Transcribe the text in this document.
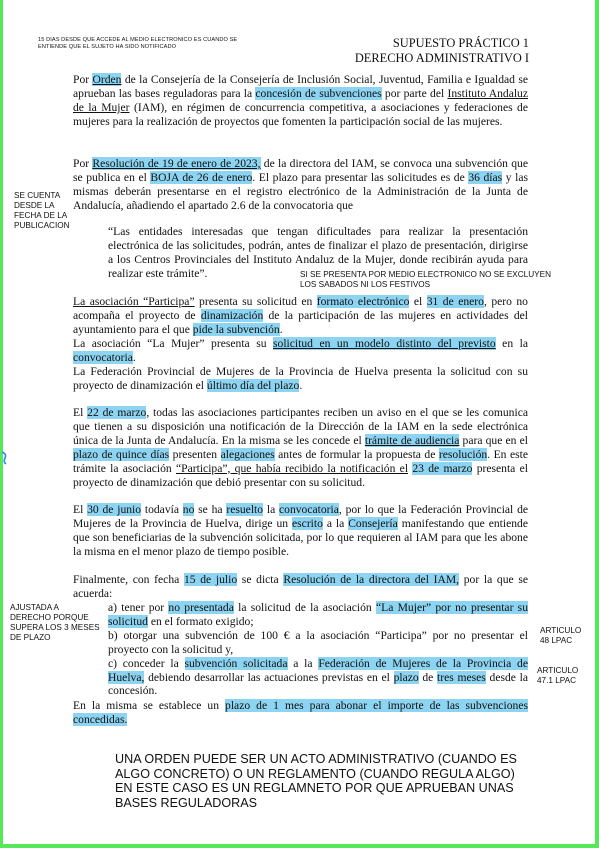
15 DIAS DESDE QUE ACCEDE AL MEDIO ELECTRONICO ES CUANDO SE
ENTIENDE QUE EL SUJETO HA SIDO NOTIFICADO	SUPUESTO PRÁCTICO 1
DERECHO ADMINISTRATIVO I

Por Orden de la Consejería de la Consejería de Inclusión Social, Juventud, Familia e Igualdad se aprueban las bases reguladoras para la concesión de subvenciones por parte del Instituto Andaluz de la Mujer (IAM), en régimen de concurrencia competitiva, a asociaciones y federaciones de mujeres para la realización de proyectos que fomenten la participación social de las mujeres.

Por Resolución de 19 de enero de 2023, de la directora del IAM, se convoca una subvención que se publica en el BOJA de 26 de enero. El plazo para presentar las solicitudes es de 36 días y las mismas deberán presentarse en el registro electrónico de la Administración de la Junta de Andalucía, añadiendo el apartado 2.6 de la convocatoria que

SE CUENTA
DESDE LA
FECHA DE LA
PUBLICACION	“Las entidades interesadas que tengan dificultades para realizar la presentación electrónica de las solicitudes, podrán, antes de finalizar el plazo de presentación, dirigirse a los Centros Provinciales del Instituto Andaluz de la Mujer, donde recibirán ayuda para realizar este trámite”.	SI SE PRESENTA POR MEDIO ELECTRONICO NO SE EXCLUYEN
LOS SABADOS NI LOS FESTIVOS

La asociación “Participa” presenta su solicitud en formato electrónico el 31 de enero, pero no acompaña el proyecto de dinamización de la participación de las mujeres en actividades del ayuntamiento para el que pide la subvención.

La asociación “La Mujer” presenta su solicitud en un modelo distinto del previsto en la convocatoria.

La Federación Provincial de Mujeres de la Provincia de Huelva presenta la solicitud con su proyecto de dinamización el último día del plazo.

El 22 de marzo, todas las asociaciones participantes reciben un aviso en el que se les comunica que tienen a su disposición una notificación de la Dirección de la IAM en la sede electrónica única de la Junta de Andalucía. En la misma se les concede el trámite de audiencia para que en el plazo de quince días presenten alegaciones antes de formular la propuesta de resolución. En este trámite la asociación “Participa”, que había recibido la notificación el 23 de marzo presenta el proyecto de dinamización que debió presentar con su solicitud.

El 30 de junio todavía no se ha resuelto la convocatoria, por lo que la Federación Provincial de Mujeres de la Provincia de Huelva, dirige un escrito a la Consejería manifestando que entiende que son beneficiarias de la subvención solicitada, por lo que requieren al IAM para que les abone la misma en el menor plazo de tiempo posible.

Finalmente, con fecha 15 de julio se dicta Resolución de la directora del IAM, por la que se acuerda:

AJUSTADA A
DERECHO PORQUE
SUPERA LOS 3 MESES
DE PLAZO
a) tener por no presentada la solicitud de la asociación “La Mujer” por no presentar su solicitud en el formato exigido;
b) otorgar una subvención de 100 € a la asociación “Participa” por no presentar el proyecto con la solicitud y,
c) conceder la subvención solicitada a la Federación de Mujeres de la Provincia de Huelva, debiendo desarrollar las actuaciones previstas en el plazo de tres meses desde la concesión.
ARTICULO
48 LPAC
ARTICULO
47.1 LPAC

En la misma se establece un plazo de 1 mes para abonar el importe de las subvenciones concedidas.

UNA ORDEN PUEDE SER UN ACTO ADMINISTRATIVO (CUANDO ES ALGO CONCRETO) O UN REGLAMENTO (CUANDO REGULA ALGO) EN ESTE CASO ES UN REGLAMNETO POR QUE APRUEBAN UNAS BASES REGULADORAS
